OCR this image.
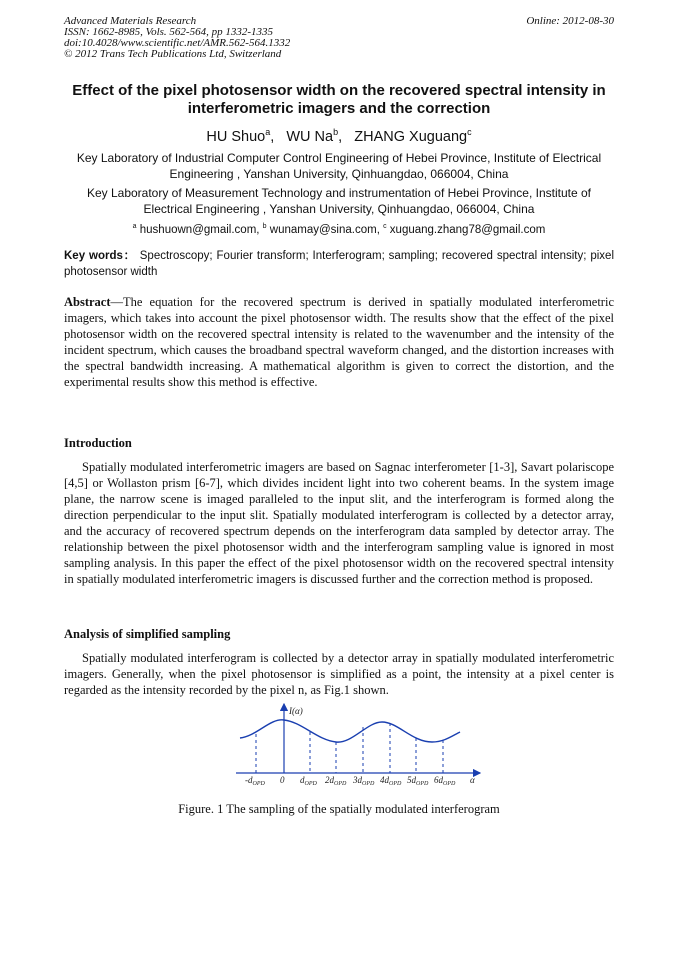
Advanced Materials Research
ISSN: 1662-8985, Vols. 562-564, pp 1332-1335
doi:10.4028/www.scientific.net/AMR.562-564.1332
© 2012 Trans Tech Publications Ltd, Switzerland
Online: 2012-08-30
Effect of the pixel photosensor width on the recovered spectral intensity in interferometric imagers and the correction
HU Shuo$^a$,   WU Na$^b$,   ZHANG Xuguang$^c$
Key Laboratory of Industrial Computer Control Engineering of Hebei Province, Institute of Electrical Engineering , Yanshan University, Qinhuangdao, 066004, China
Key Laboratory of Measurement Technology and instrumentation of Hebei Province, Institute of Electrical Engineering , Yanshan University, Qinhuangdao, 066004, China
$^a$ hushuown@gmail.com, $^b$ wunamay@sina.com, $^c$ xuguang.zhang78@gmail.com
Key words： Spectroscopy; Fourier transform; Interferogram; sampling; recovered spectral intensity; pixel photosensor width
Abstract—The equation for the recovered spectrum is derived in spatially modulated interferometric imagers, which takes into account the pixel photosensor width. The results show that the effect of the pixel photosensor width on the recovered spectral intensity is related to the wavenumber and the intensity of the incident spectrum, which causes the broadband spectral waveform changed, and the distortion increases with the spectral bandwidth increasing. A mathematical algorithm is given to correct the distortion, and the experimental results show this method is effective.
Introduction

Spatially modulated interferometric imagers are based on Sagnac interferometer [1-3], Savart polariscope [4,5] or Wollaston prism [6-7], which divides incident light into two coherent beams. In the system image plane, the narrow scene is imaged paralleled to the input slit, and the interferogram is formed along the direction perpendicular to the input slit. Spatially modulated interferogram is collected by a detector array, and the accuracy of recovered spectrum depends on the interferogram data sampled by detector array. The relationship between the pixel photosensor width and the interferogram sampling value is ignored in most sampling analysis. In this paper the effect of the pixel photosensor width on the recovered spectral intensity in spatially modulated interferometric imagers is discussed further and the correction method is proposed.

Analysis of simplified sampling

Spatially modulated interferogram is collected by a detector array in spatially modulated interferometric imagers. Generally, when the pixel photosensor is simplified as a point, the intensity at a pixel center is regarded as the intensity recorded by the pixel n, as Fig.1 shown.

I(α)
$-d_{OPD}$ 0 $d_{OPD}$ $2d_{OPD}$ $3d_{OPD}$ $4d_{OPD}$ $5d_{OPD}$ $6d_{OPD}$ α
Figure. 1 The sampling of the spatially modulated interferogram
